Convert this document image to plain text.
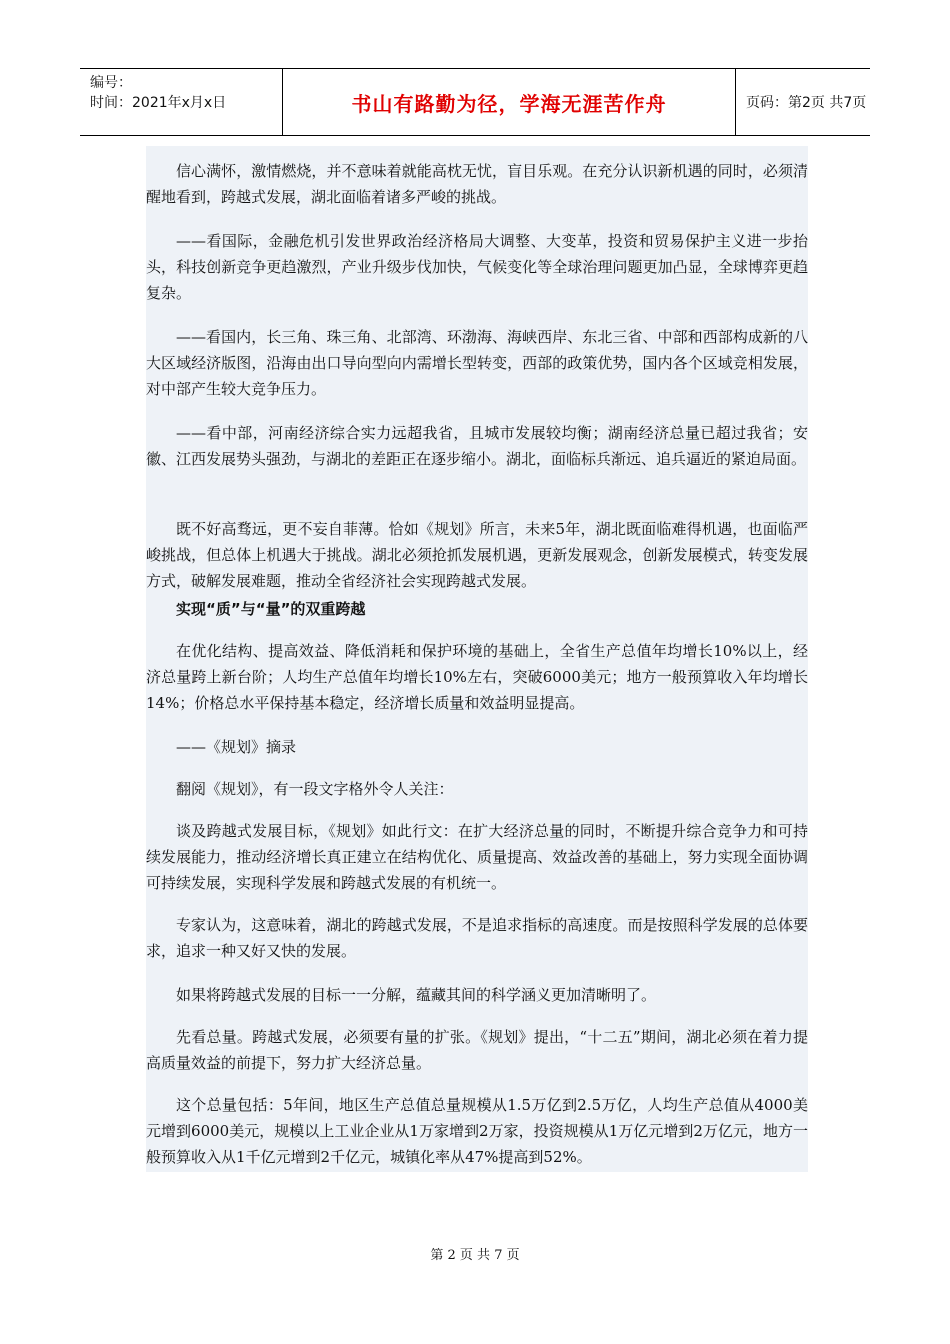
编号：
时间：2021年x月x日	书山有路勤为径，学海无涯苦作舟	页码：第2页 共7页

信心满怀，激情燃烧，并不意味着就能高枕无忧，盲目乐观。在充分认识新机遇的同时，必须清醒地看到，跨越式发展，湖北面临着诸多严峻的挑战。

——看国际，金融危机引发世界政治经济格局大调整、大变革，投资和贸易保护主义进一步抬头，科技创新竞争更趋激烈，产业升级步伐加快，气候变化等全球治理问题更加凸显，全球博弈更趋复杂。

——看国内，长三角、珠三角、北部湾、环渤海、海峡西岸、东北三省、中部和西部构成新的八大区域经济版图，沿海由出口导向型向内需增长型转变，西部的政策优势，国内各个区域竞相发展，对中部产生较大竞争压力。

——看中部，河南经济综合实力远超我省，且城市发展较均衡；湖南经济总量已超过我省；安徽、江西发展势头强劲，与湖北的差距正在逐步缩小。湖北，面临标兵渐远、追兵逼近的紧迫局面。

既不好高骛远，更不妄自菲薄。恰如《规划》所言，未来5年，湖北既面临难得机遇，也面临严峻挑战，但总体上机遇大于挑战。湖北必须抢抓发展机遇，更新发展观念，创新发展模式，转变发展方式，破解发展难题，推动全省经济社会实现跨越式发展。

实现“质”与“量”的双重跨越

在优化结构、提高效益、降低消耗和保护环境的基础上，全省生产总值年均增长10%以上，经济总量跨上新台阶；人均生产总值年均增长10%左右，突破6000美元；地方一般预算收入年均增长14%；价格总水平保持基本稳定，经济增长质量和效益明显提高。

——《规划》摘录

翻阅《规划》，有一段文字格外令人关注：

谈及跨越式发展目标，《规划》如此行文：在扩大经济总量的同时，不断提升综合竞争力和可持续发展能力，推动经济增长真正建立在结构优化、质量提高、效益改善的基础上，努力实现全面协调可持续发展，实现科学发展和跨越式发展的有机统一。

专家认为，这意味着，湖北的跨越式发展，不是追求指标的高速度。而是按照科学发展的总体要求，追求一种又好又快的发展。

如果将跨越式发展的目标一一分解，蕴藏其间的科学涵义更加清晰明了。

先看总量。跨越式发展，必须要有量的扩张。《规划》提出，“十二五”期间，湖北必须在着力提高质量效益的前提下，努力扩大经济总量。

这个总量包括：5年间，地区生产总值总量规模从1.5万亿到2.5万亿，人均生产总值从4000美元增到6000美元，规模以上工业企业从1万家增到2万家，投资规模从1万亿元增到2万亿元，地方一般预算收入从1千亿元增到2千亿元，城镇化率从47%提高到52%。

第 2 页 共 7 页
